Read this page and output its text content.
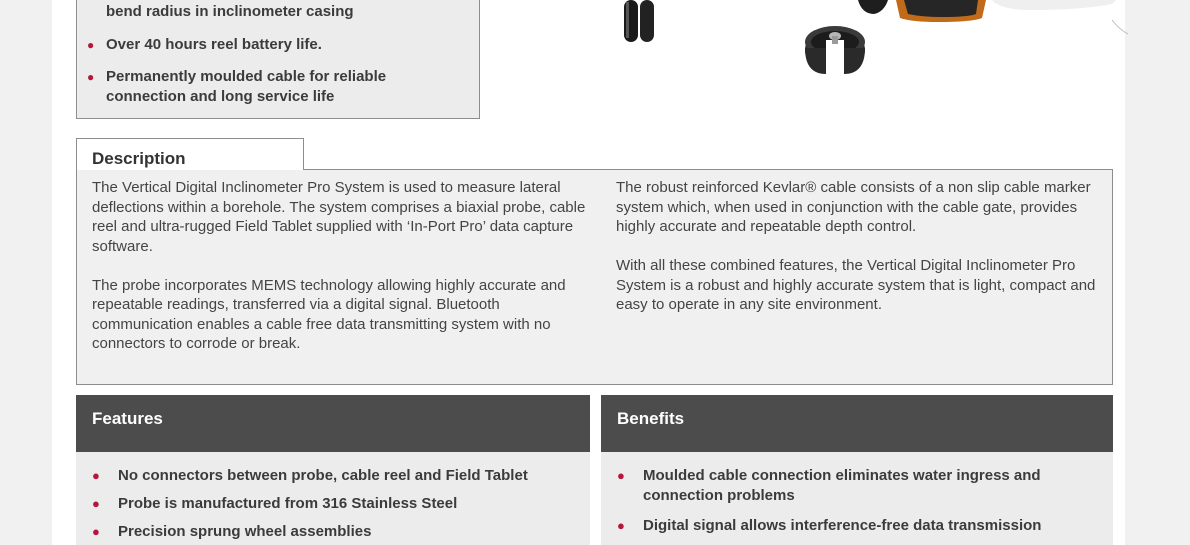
bend radius in inclinometer casing
● Over 40 hours reel battery life.
● Permanently moulded cable for reliable connection and long service life
Description

The Vertical Digital Inclinometer Pro System is used to measure lateral deflections within a borehole. The system comprises a biaxial probe, cable reel and ultra-rugged Field Tablet supplied with ‘In-Port Pro’ data capture software.

The probe incorporates MEMS technology allowing highly accurate and repeatable readings, transferred via a digital signal. Bluetooth communication enables a cable free data transmitting system with no connectors to corrode or break.

The robust reinforced Kevlar® cable consists of a non slip cable marker system which, when used in conjunction with the cable gate, provides highly accurate and repeatable depth control.

With all these combined features, the Vertical Digital Inclinometer Pro System is a robust and highly accurate system that is light, compact and easy to operate in any site environment.

Features
●	No connectors between probe, cable reel and Field Tablet
●	Probe is manufactured from 316 Stainless Steel
●	Precision sprung wheel assemblies
Benefits
●	Moulded cable connection eliminates water ingress and connection problems
●	Digital signal allows interference-free data transmission
